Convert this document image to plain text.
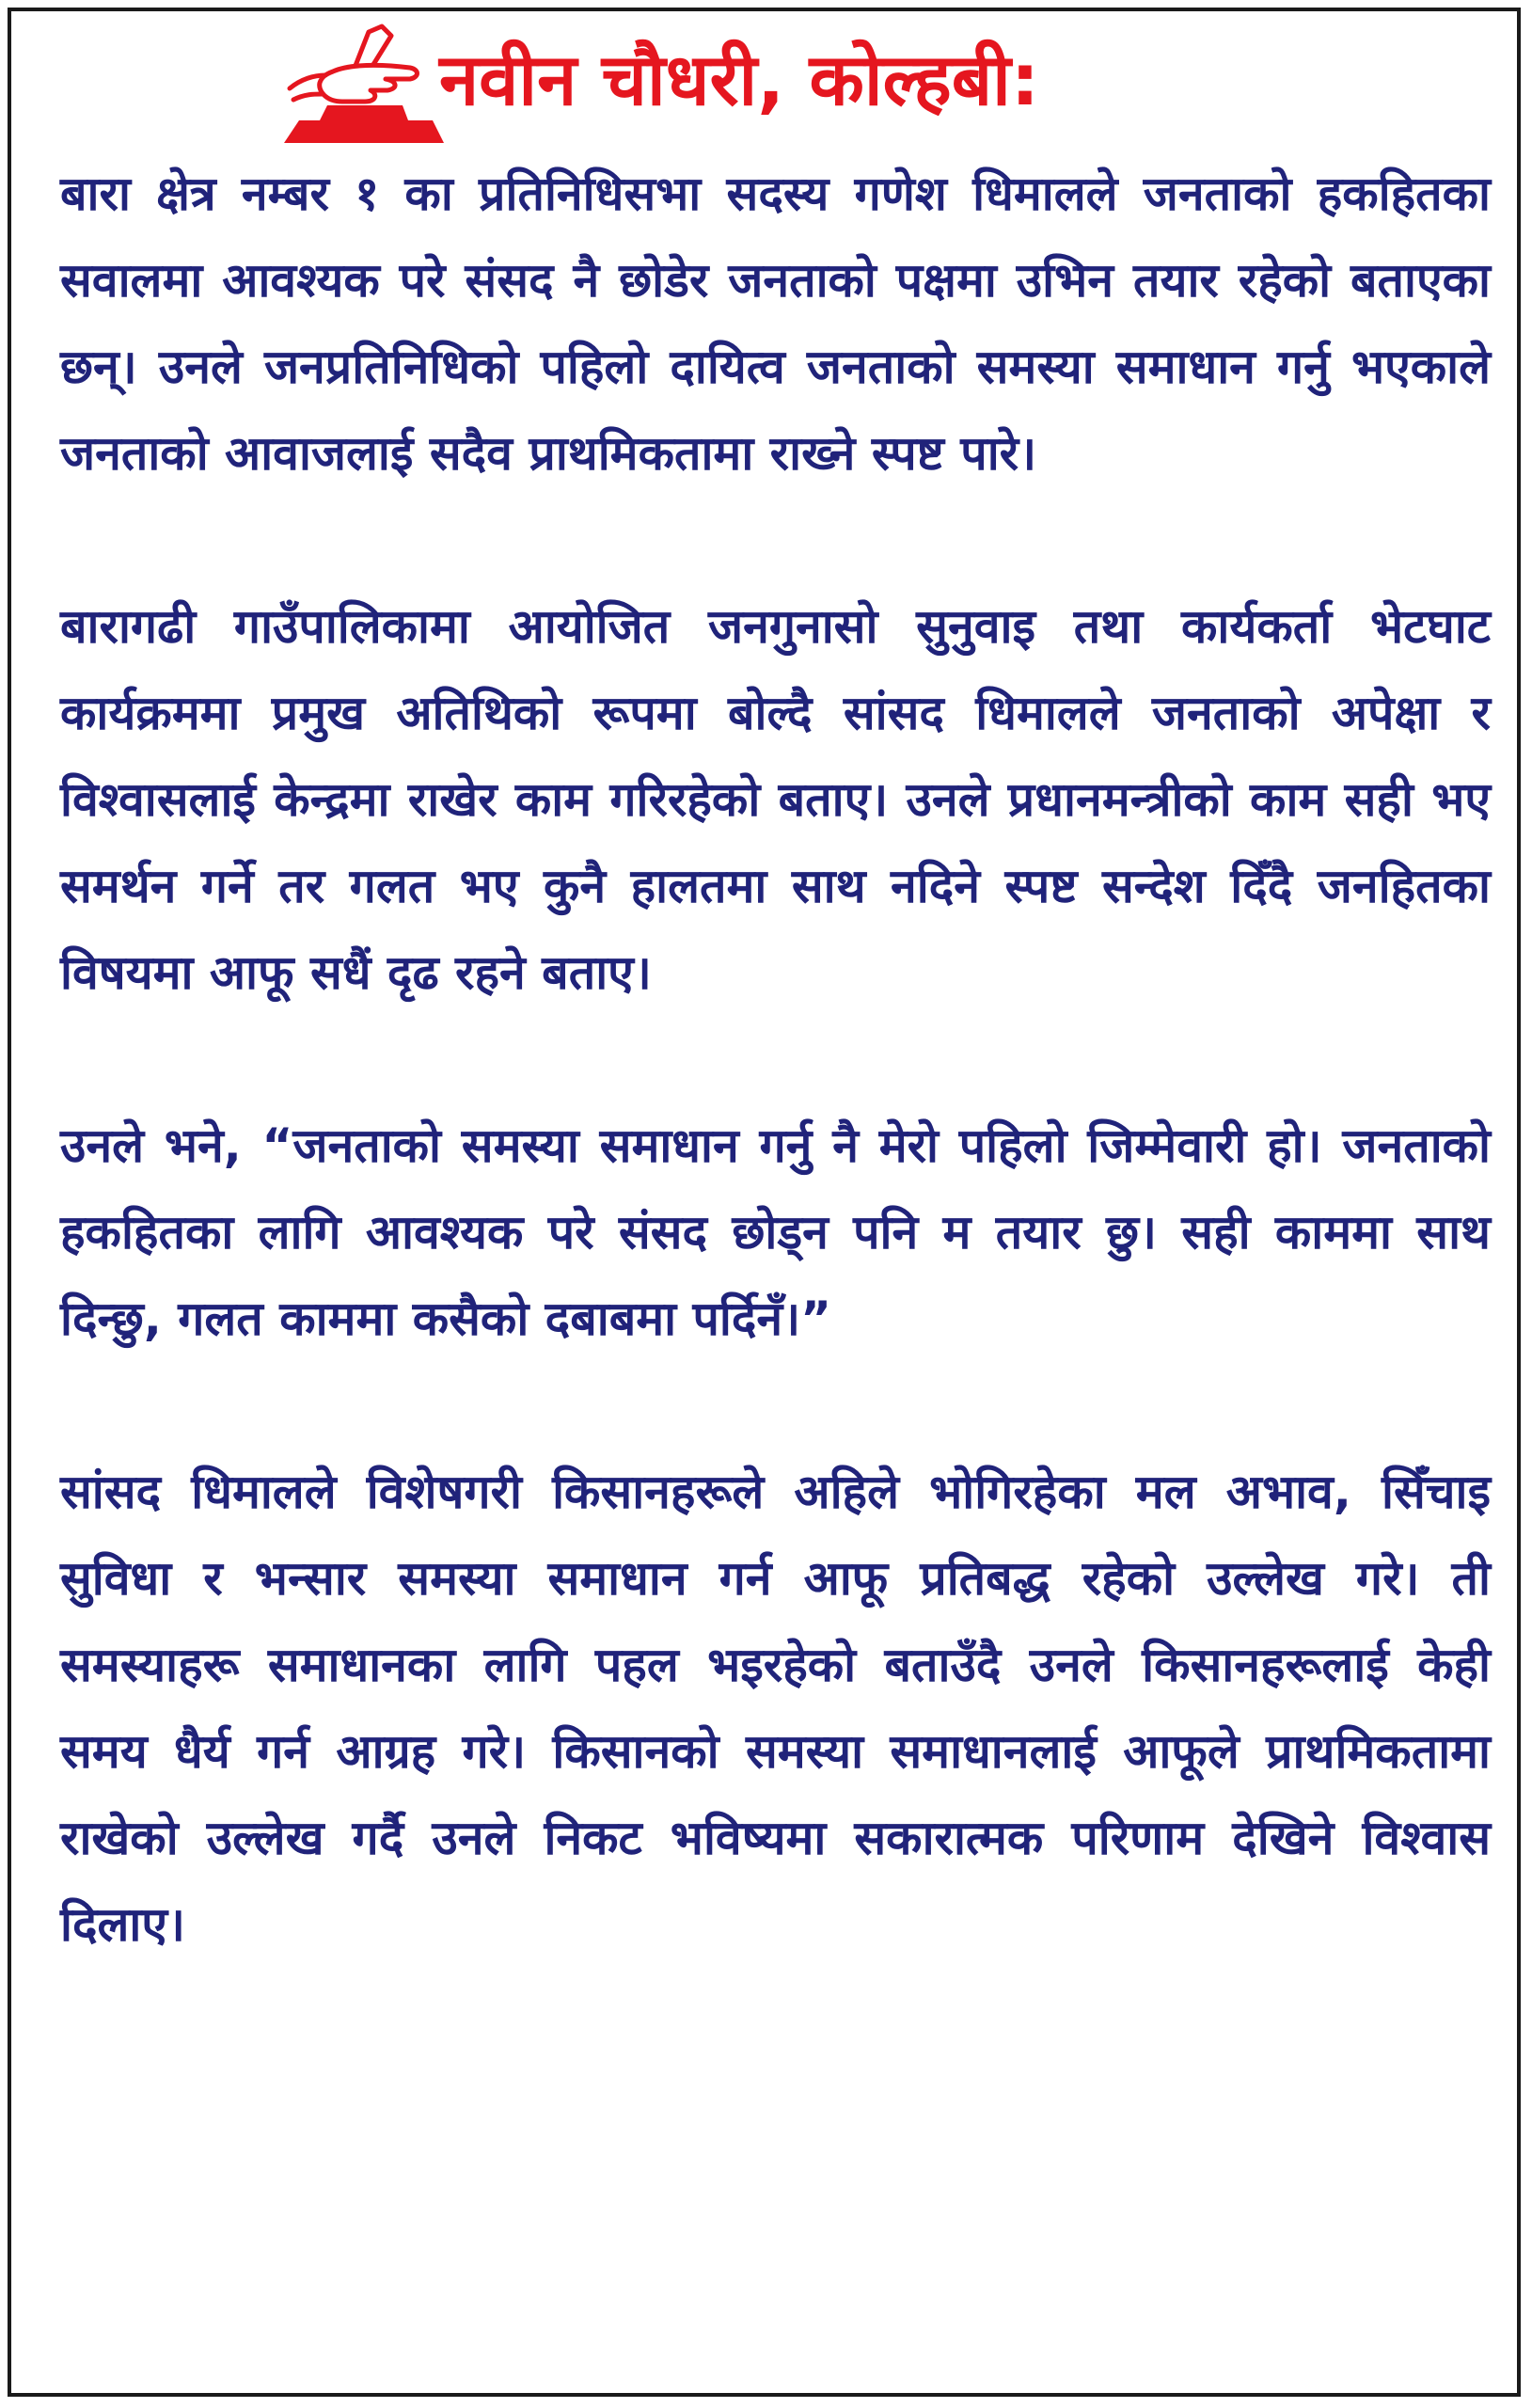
नवीन चौधरी, कोल्हबी:

बारा क्षेत्र नम्बर १ का प्रतिनिधिसभा सदस्य गणेश धिमालले जनताको हकहितका सवालमा आवश्यक परे संसद नै छोडेर जनताको पक्षमा उभिन तयार रहेको बताएका छन्। उनले जनप्रतिनिधिको पहिलो दायित्व जनताको समस्या समाधान गर्नु भएकाले जनताको आवाजलाई सदैव प्राथमिकतामा राख्ने स्पष्ट पारे।

बारागढी गाउँपालिकामा आयोजित जनगुनासो सुनुवाइ तथा कार्यकर्ता भेटघाट कार्यक्रममा प्रमुख अतिथिको रूपमा बोल्दै सांसद धिमालले जनताको अपेक्षा र विश्वासलाई केन्द्रमा राखेर काम गरिरहेको बताए। उनले प्रधानमन्त्रीको काम सही भए समर्थन गर्ने तर गलत भए कुनै हालतमा साथ नदिने स्पष्ट सन्देश दिँदै जनहितका विषयमा आफू सधैं दृढ रहने बताए।

उनले भने, “जनताको समस्या समाधान गर्नु नै मेरो पहिलो जिम्मेवारी हो। जनताको हकहितका लागि आवश्यक परे संसद छोड्न पनि म तयार छु। सही काममा साथ दिन्छु, गलत काममा कसैको दबाबमा पर्दिनँ।”

सांसद धिमालले विशेषगरी किसानहरूले अहिले भोगिरहेका मल अभाव, सिँचाइ सुविधा र भन्सार समस्या समाधान गर्न आफू प्रतिबद्ध रहेको उल्लेख गरे। ती समस्याहरू समाधानका लागि पहल भइरहेको बताउँदै उनले किसानहरूलाई केही समय धैर्य गर्न आग्रह गरे। किसानको समस्या समाधानलाई आफूले प्राथमिकतामा राखेको उल्लेख गर्दै उनले निकट भविष्यमा सकारात्मक परिणाम देखिने विश्वास दिलाए।
